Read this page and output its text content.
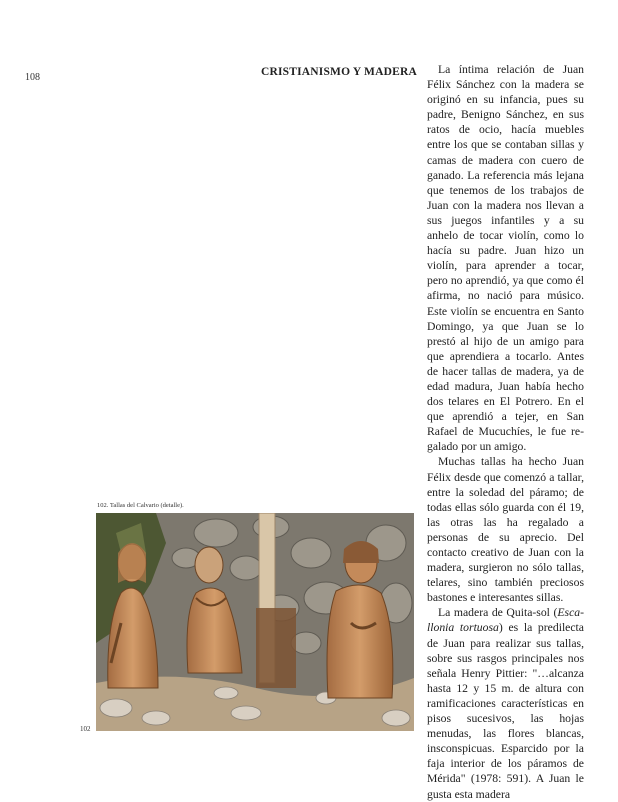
108	CRISTIANISMO Y MADERA	La íntima relación de Juan Félix Sánchez con la madera se originó en su infancia, pues su padre, Benigno Sánchez, en sus ratos de ocio, hacía muebles entre los que se contaban sillas y camas de madera con cuero de ganado. La referencia más lejana que tenemos de los trabajos de Juan con la madera nos llevan a sus juegos infantiles y a su anhelo de tocar violín, como lo hacía su padre. Juan hizo un violín, para aprender a tocar, pero no aprendió, ya que como él afirma, no nació para músico. Este violín se encuentra en Santo Domingo, ya que Juan se lo prestó al hijo de un amigo para que aprendiera a tocarlo. Antes de hacer tallas de madera, ya de edad madura, Juan había hecho dos telares en El Potrero. En el que aprendió a tejer, en San Rafael de Mucuchíes, le fue regalado por un amigo.

Muchas tallas ha hecho Juan Félix desde que comenzó a tallar, entre la soledad del páramo; de todas ellas sólo guarda con él 19, las otras las ha regalado a personas de su aprecio. Del contacto creativo de Juan con la madera, surgieron no sólo tallas, telares, sino también preciosos bastones e interesantes sillas.

La madera de Quita-sol (Escallonia tortuosa) es la predilecta de Juan para realizar sus tallas, sobre sus rasgos principales nos señala Henry Pittier: "…alcanza hasta 12 y 15 m. de altura con ramificaciones características en pisos sucesivos, las hojas menudas, las flores blancas, insconspicuas. Esparcido por la faja interior de los páramos de Mérida" (1978: 591). A Juan le gusta esta madera

102. Tallas del Calvario (detalle).
102
